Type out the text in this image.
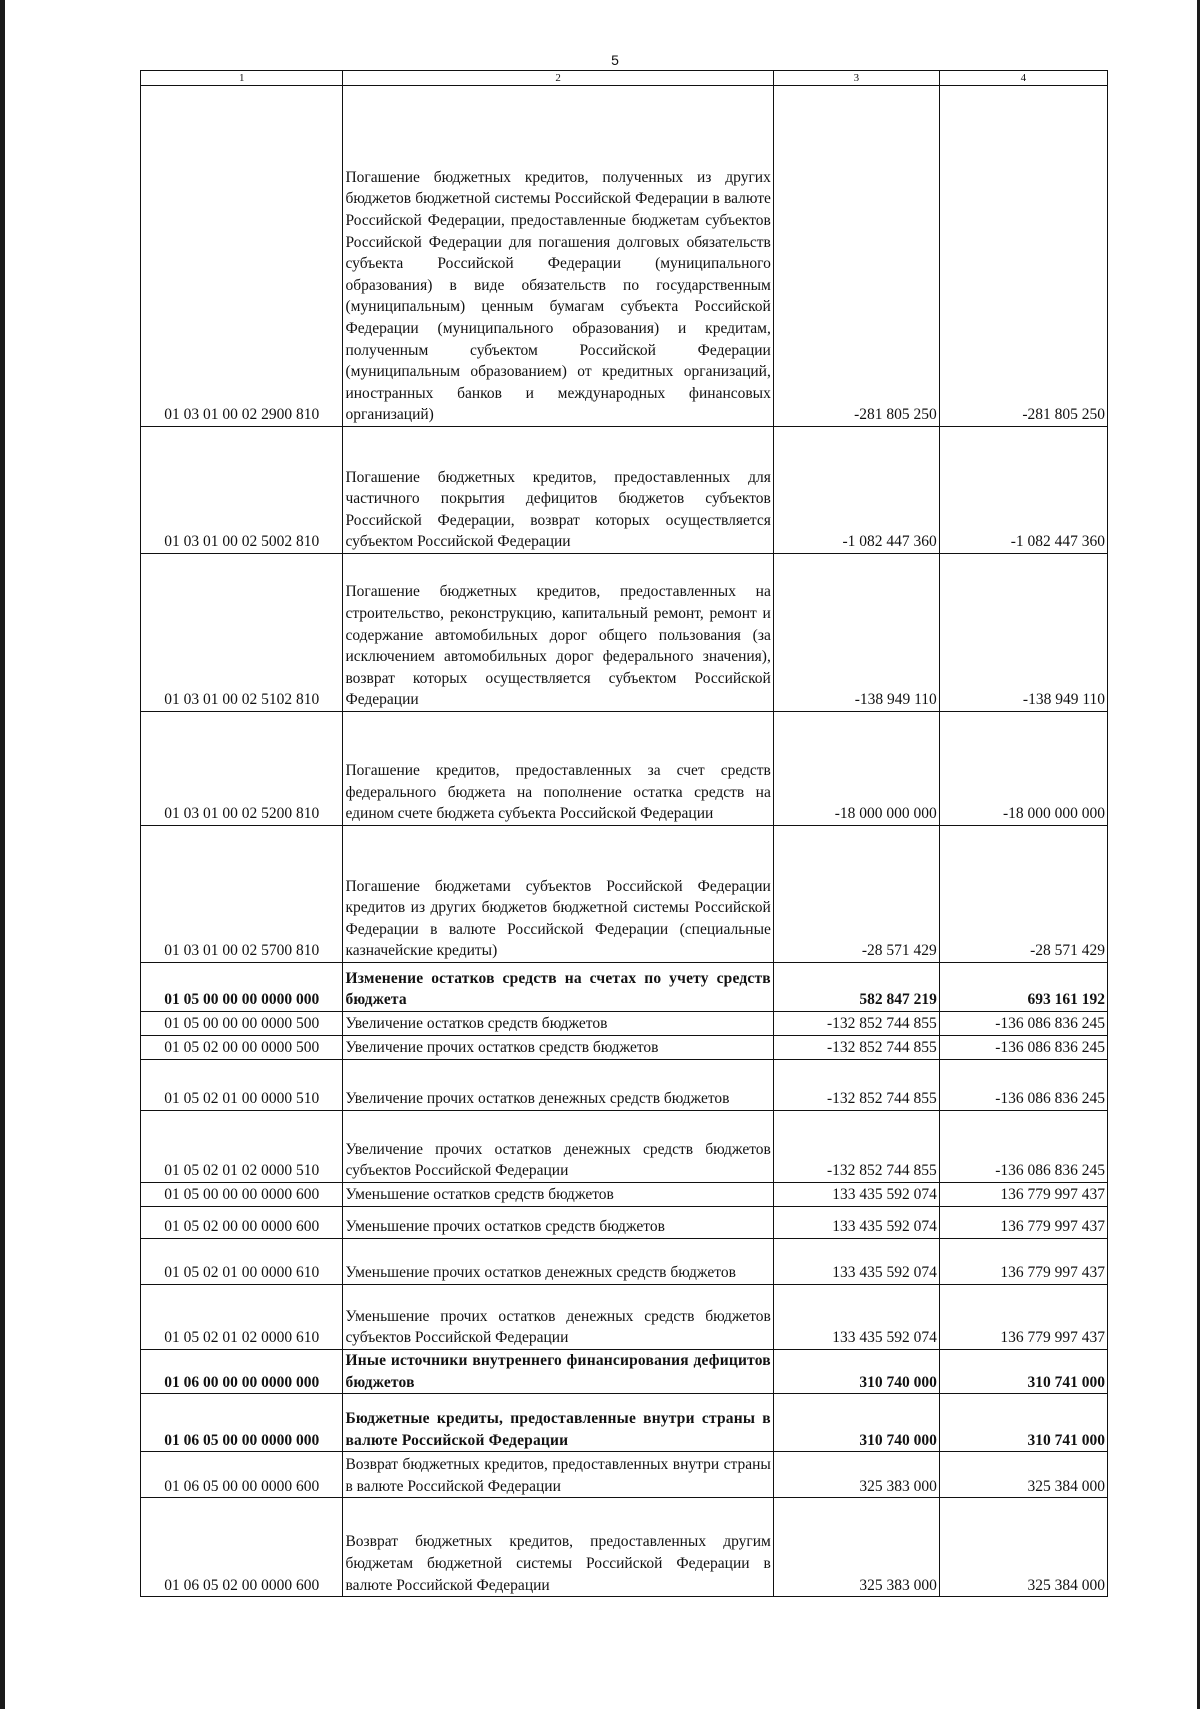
5
1	2	3	4
01 03 01 00 02 2900 810	Погашение бюджетных кредитов, полученных из других бюджетов бюджетной системы Российской Федерации в валюте Российской Федерации, предоставленные бюджетам субъектов Российской Федерации для погашения долговых обязательств субъекта Российской Федерации (муниципального образования) в виде обязательств по государственным (муниципальным) ценным бумагам субъекта Российской Федерации (муниципального образования) и кредитам, полученным субъектом Российской Федерации (муниципальным образованием) от кредитных организаций, иностранных банков и международных финансовых организаций)	-281 805 250	-281 805 250
01 03 01 00 02 5002 810	Погашение бюджетных кредитов, предоставленных для частичного покрытия дефицитов бюджетов субъектов Российской Федерации, возврат которых осуществляется субъектом Российской Федерации	-1 082 447 360	-1 082 447 360
01 03 01 00 02 5102 810	Погашение бюджетных кредитов, предоставленных на строительство, реконструкцию, капитальный ремонт, ремонт и содержание автомобильных дорог общего пользования (за исключением автомобильных дорог федерального значения), возврат которых осуществляется субъектом Российской Федерации	-138 949 110	-138 949 110
01 03 01 00 02 5200 810	Погашение кредитов, предоставленных за счет средств федерального бюджета на пополнение остатка средств на едином счете бюджета субъекта Российской Федерации	-18 000 000 000	-18 000 000 000
01 03 01 00 02 5700 810	Погашение бюджетами субъектов Российской Федерации кредитов из других бюджетов бюджетной системы Российской Федерации в валюте Российской Федерации (специальные казначейские кредиты)	-28 571 429	-28 571 429
01 05 00 00 00 0000 000	Изменение остатков средств на счетах по учету средств бюджета	582 847 219	693 161 192
01 05 00 00 00 0000 500	Увеличение остатков средств бюджетов	-132 852 744 855	-136 086 836 245
01 05 02 00 00 0000 500	Увеличение прочих остатков средств бюджетов	-132 852 744 855	-136 086 836 245
01 05 02 01 00 0000 510	Увеличение прочих остатков денежных средств бюджетов	-132 852 744 855	-136 086 836 245
01 05 02 01 02 0000 510	Увеличение прочих остатков денежных средств бюджетов субъектов Российской Федерации	-132 852 744 855	-136 086 836 245
01 05 00 00 00 0000 600	Уменьшение остатков средств бюджетов	133 435 592 074	136 779 997 437
01 05 02 00 00 0000 600	Уменьшение прочих остатков средств бюджетов	133 435 592 074	136 779 997 437
01 05 02 01 00 0000 610	Уменьшение прочих остатков денежных средств бюджетов	133 435 592 074	136 779 997 437
01 05 02 01 02 0000 610	Уменьшение прочих остатков денежных средств бюджетов субъектов Российской Федерации	133 435 592 074	136 779 997 437
01 06 00 00 00 0000 000	Иные источники внутреннего финансирования дефицитов бюджетов	310 740 000	310 741 000
01 06 05 00 00 0000 000	Бюджетные кредиты, предоставленные внутри страны в валюте Российской Федерации	310 740 000	310 741 000
01 06 05 00 00 0000 600	Возврат бюджетных кредитов, предоставленных внутри страны в валюте Российской Федерации	325 383 000	325 384 000
01 06 05 02 00 0000 600	Возврат бюджетных кредитов, предоставленных другим бюджетам бюджетной системы Российской Федерации в валюте Российской Федерации	325 383 000	325 384 000
